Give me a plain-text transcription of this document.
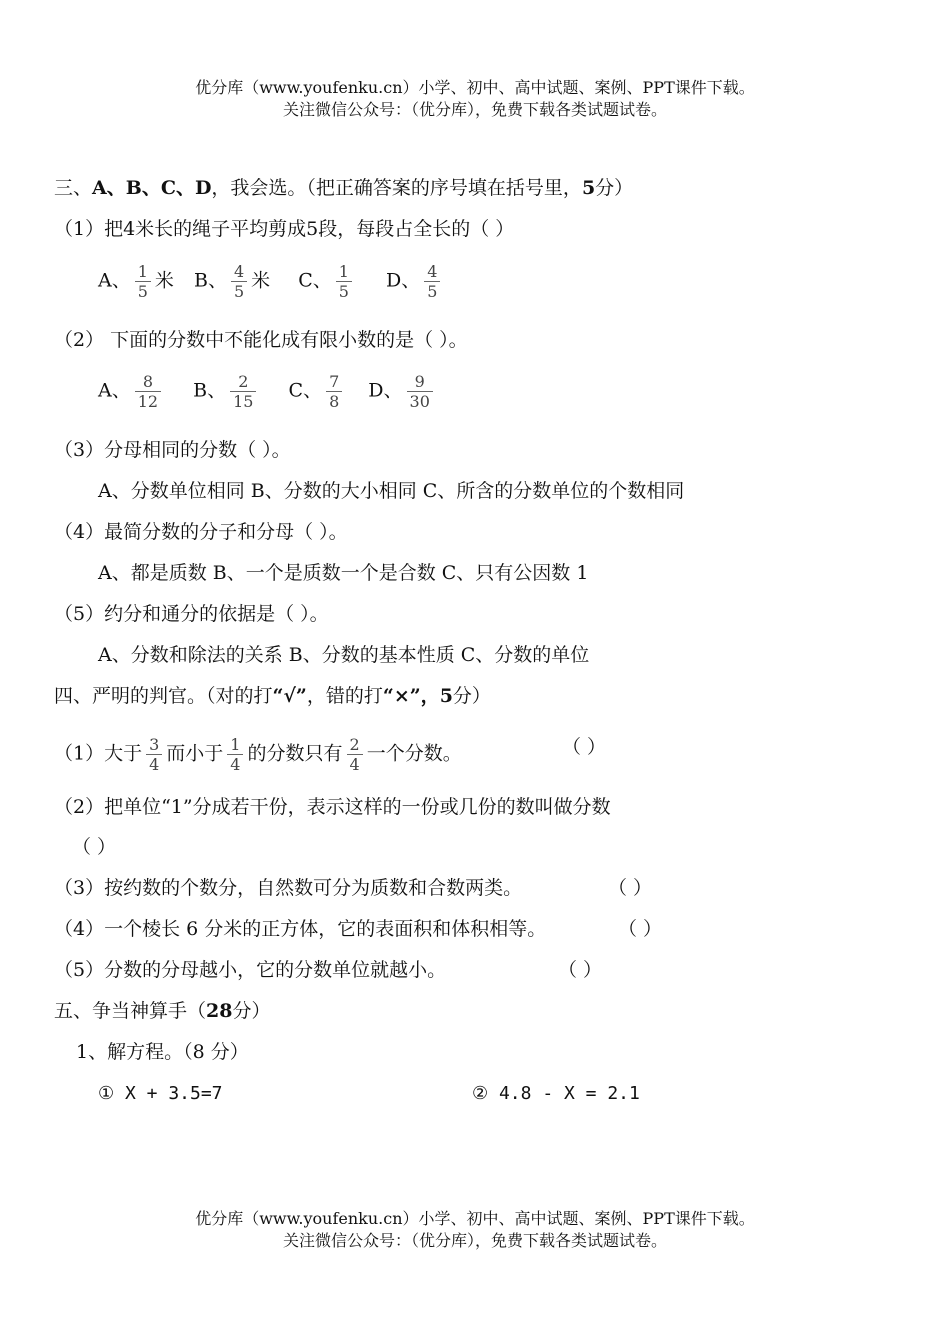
优分库（www.youfenku.cn）小学、初中、高中试题、案例、PPT课件下载。
关注微信公众号：（优分库），免费下载各类试题试卷。
三、A、B、C、D，我会选。（把正确答案的序号填在括号里，5分）
（1）把4米长的绳子平均剪成5段，每段占全长的（ ）
A、 $\frac{1}{5}$ 米 B、 $\frac{4}{5}$ 米 C、 $\frac{1}{5}$ D、 $\frac{4}{5}$
（2） 下面的分数中不能化成有限小数的是（ ）。
A、 $\frac{8}{12}$ B、 $\frac{2}{15}$ C、 $\frac{7}{8}$ D、 $\frac{9}{30}$
（3）分母相同的分数（ ）。
A、分数单位相同 B、分数的大小相同 C、所含的分数单位的个数相同
（4）最简分数的分子和分母（ ）。
A、都是质数 B、一个是质数一个是合数 C、只有公因数 1
（5）约分和通分的依据是（ ）。
A、分数和除法的关系 B、分数的基本性质 C、分数的单位
四、严明的判官。（对的打“√”，错的打“×”，5分）
（1）大于 $\frac{3}{4}$ 而小于 $\frac{1}{4}$ 的分数只有 $\frac{2}{4}$ 一个分数。	（ ）
（2）把单位“1”分成若干份，表示这样的一份或几份的数叫做分数
（ ）
（3）按约数的个数分，自然数可分为质数和合数两类。	（ ）
（4）一个棱长 6 分米的正方体，它的表面积和体积相等。	（ ）
（5）分数的分母越小，它的分数单位就越小。	（ ）
五、争当神算手（28分）
1、解方程。（8 分）
① X + 3.5=7	② 4.8 - X = 2.1
优分库（www.youfenku.cn）小学、初中、高中试题、案例、PPT课件下载。
关注微信公众号：（优分库），免费下载各类试题试卷。
